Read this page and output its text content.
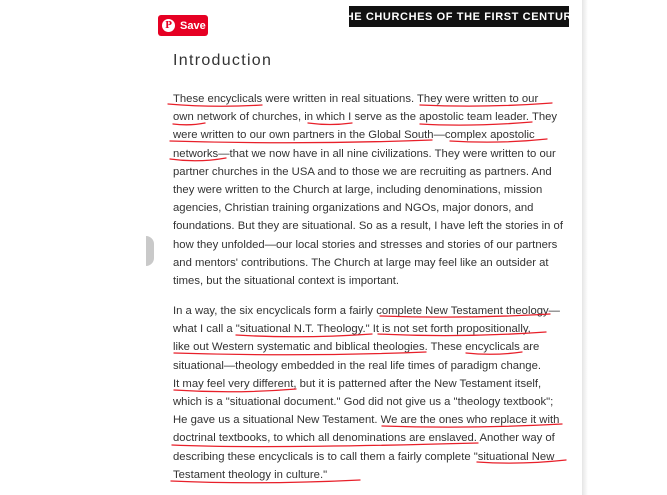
P Save
THE CHURCHES OF THE FIRST CENTURY
Introduction
These encyclicals were written in real situations. They were written to our
own network of churches, in which I serve as the apostolic team leader. They
were written to our own partners in the Global South—complex apostolic
networks—that we now have in all nine civilizations. They were written to our
partner churches in the USA and to those we are recruiting as partners. And
they were written to the Church at large, including denominations, mission
agencies, Christian training organizations and NGOs, major donors, and
foundations. But they are situational. So as a result, I have left the stories in of
how they unfolded—our local stories and stresses and stories of our partners
and mentors' contributions. The Church at large may feel like an outsider at
times, but the situational context is important.
In a way, the six encyclicals form a fairly complete New Testament theology—
what I call a "situational N.T. Theology." It is not set forth propositionally,
like out Western systematic and biblical theologies. These encyclicals are
situational—theology embedded in the real life times of paradigm change.
It may feel very different, but it is patterned after the New Testament itself,
which is a "situational document." God did not give us a "theology textbook";
He gave us a situational New Testament. We are the ones who replace it with
doctrinal textbooks, to which all denominations are enslaved. Another way of
describing these encyclicals is to call them a fairly complete "situational New
Testament theology in culture."
